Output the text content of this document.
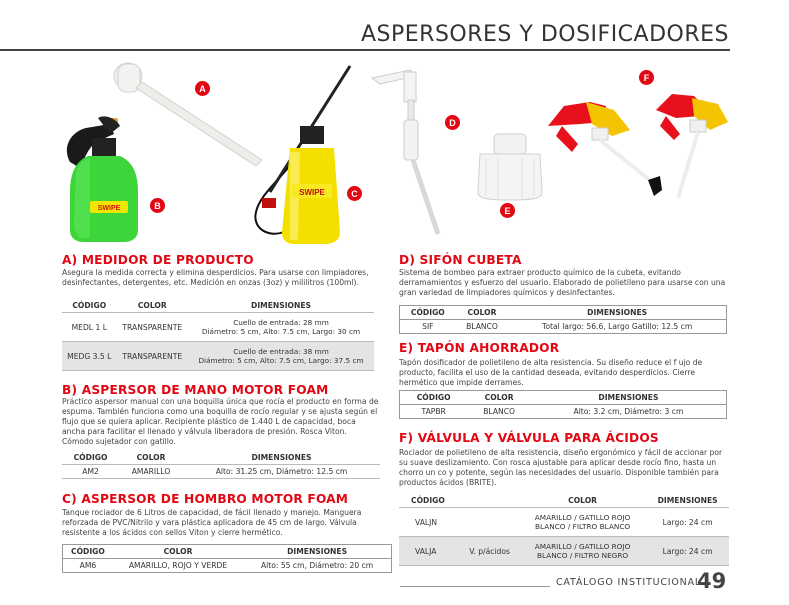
ASPERSORES Y DOSIFICADORES
SWIPE
SWIPE
A
B
C
D
E
F
A) MEDIDOR DE PRODUCTO

Asegura la medida correcta y elimina desperdicios. Para usarse con limpiadores, desinfectantes, detergentes, etc. Medición en onzas (3oz) y mililitros (100ml).

CÓDIGO	COLOR	DIMENSIONES
MEDL 1 L	TRANSPARENTE	Cuello de entrada: 28 mm
Diámetro: 5 cm, Alto: 7.5 cm, Largo: 30 cm

MEDG 3.5 L	TRANSPARENTE	Cuello de entrada: 38 mm
Diámetro: 5 cm, Alto: 7.5 cm, Largo: 37.5 cm
B) ASPERSOR DE MANO MOTOR FOAM

Práctico aspersor manual con una boquilla única que rocía el producto en forma de espuma. También funciona como una boquilla de rocío regular y se ajusta según el flujo que se quiera aplicar. Recipiente plástico de 1.440 L de capacidad, boca ancha para facilitar el llenado y válvula liberadora de presión. Rosca Viton. Cómodo sujetador con gatillo.

CÓDIGO	COLOR	DIMENSIONES
AM2	AMARILLO	Alto: 31.25 cm, Diámetro: 12.5 cm
C) ASPERSOR DE HOMBRO MOTOR FOAM

Tanque rociador de 6 Litros de capacidad, de fácil llenado y manejo. Manguera reforzada de PVC/Nitrilo y vara plástica aplicadora de 45 cm de largo. Válvula resistente a los ácidos con sellos Viton y cierre hermético.

CÓDIGO	COLOR	DIMENSIONES
AM6	AMARILLO, ROJO Y VERDE	Alto: 55 cm, Diámetro: 20 cm
D) SIFÓN CUBETA

Sistema de bombeo para extraer producto químico de la cubeta, evitando derramamientos y esfuerzo del usuario. Elaborado de polietileno para usarse con una gran variedad de limpiadores químicos y desinfectantes.

CÓDIGO	COLOR	DIMENSIONES
SIF	BLANCO	Total largo: 56.6, Largo Gatillo: 12.5 cm
E) TAPÓN AHORRADOR

Tapón dosificador de polietileno de alta resistencia. Su diseño reduce el f ujo de producto, facilita el uso de la cantidad deseada, evitando desperdicios. Cierre hermético que impide derrames.

CÓDIGO	COLOR	DIMENSIONES
TAPBR	BLANCO	Alto: 3.2 cm, Diámetro: 3 cm
F) VÁLVULA Y VÁLVULA PARA ÁCIDOS

Rociador de polietileno de alta resistencia, diseño ergonómico y fácil de accionar por su suave deslizamiento. Con rosca ajustable para aplicar desde rocío fino, hasta un chorro un co y potente, según las necesidades del usuario. Disponible también para productos ácidos (BRITE).

CÓDIGO		COLOR	DIMENSIONES
VALJN		AMARILLO / GATILLO ROJO
BLANCO / FILTRO BLANCO	Largo: 24 cm
VALJA	V. p/ácidos	AMARILLO / GATILLO ROJO
BLANCO / FILTRO NEGRO	Largo: 24 cm
CATÁLOGO INSTITUCIONAL
49
